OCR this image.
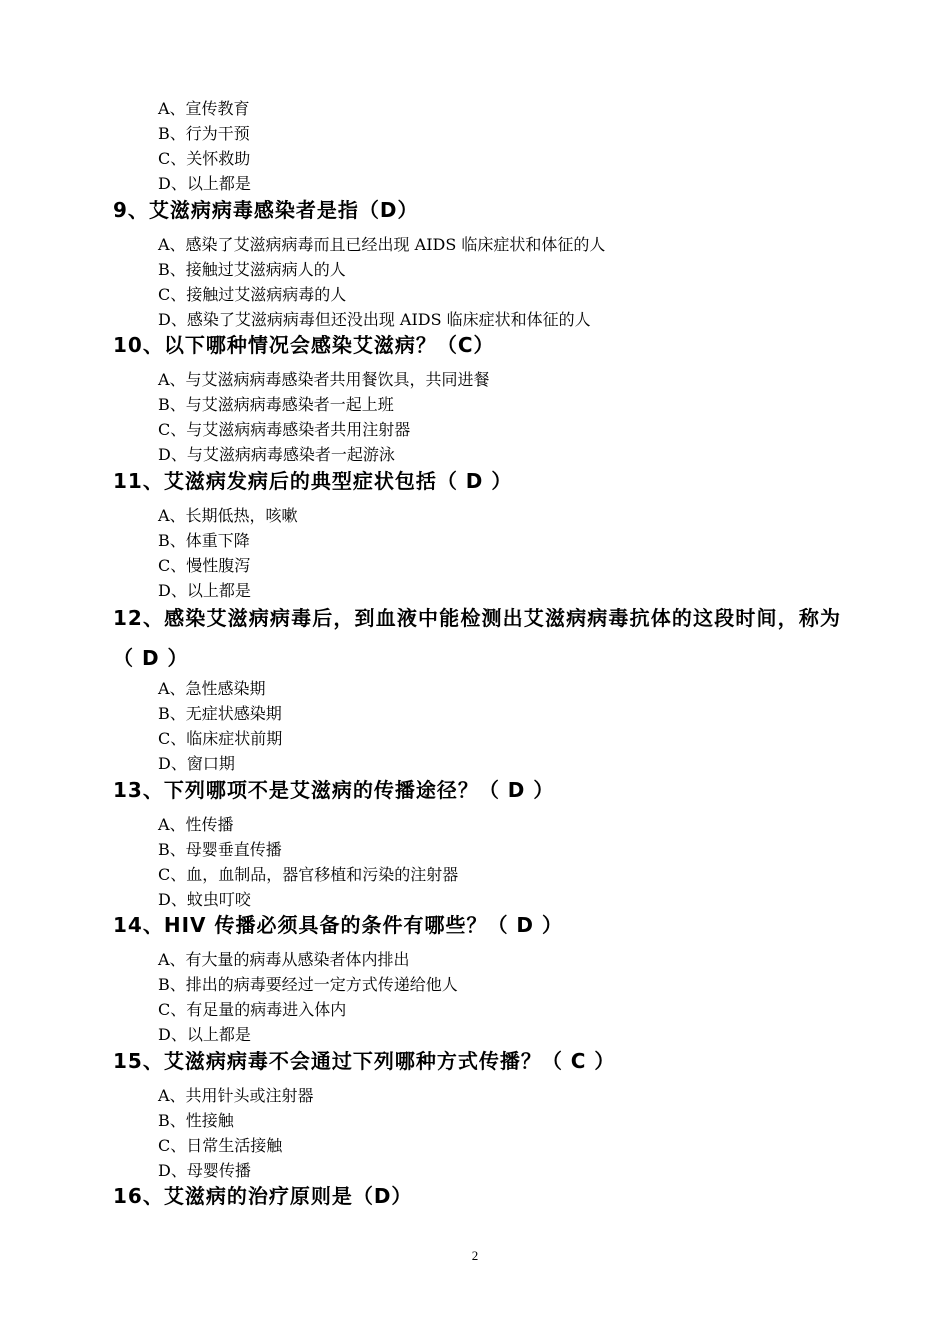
A、宣传教育
B、行为干预
C、关怀救助
D、以上都是
9、艾滋病病毒感染者是指（D）
A、感染了艾滋病病毒而且已经出现 AIDS 临床症状和体征的人
B、接触过艾滋病病人的人
C、接触过艾滋病病毒的人
D、感染了艾滋病病毒但还没出现 AIDS 临床症状和体征的人
10、以下哪种情况会感染艾滋病？（C）
A、与艾滋病病毒感染者共用餐饮具，共同进餐
B、与艾滋病病毒感染者一起上班
C、与艾滋病病毒感染者共用注射器
D、与艾滋病病毒感染者一起游泳
11、艾滋病发病后的典型症状包括（ D ）
A、长期低热，咳嗽
B、体重下降
C、慢性腹泻
D、以上都是
12、感染艾滋病病毒后，到血液中能检测出艾滋病病毒抗体的这段时间，称为（ D ）
A、急性感染期
B、无症状感染期
C、临床症状前期
D、窗口期
13、下列哪项不是艾滋病的传播途径？（ D ）
A、性传播
B、母婴垂直传播
C、血，血制品，器官移植和污染的注射器
D、蚊虫叮咬
14、HIV 传播必须具备的条件有哪些？（ D ）
A、有大量的病毒从感染者体内排出
B、排出的病毒要经过一定方式传递给他人
C、有足量的病毒进入体内
D、以上都是
15、艾滋病病毒不会通过下列哪种方式传播？（ C ）
A、共用针头或注射器
B、性接触
C、日常生活接触
D、母婴传播
16、艾滋病的治疗原则是（D）
2
